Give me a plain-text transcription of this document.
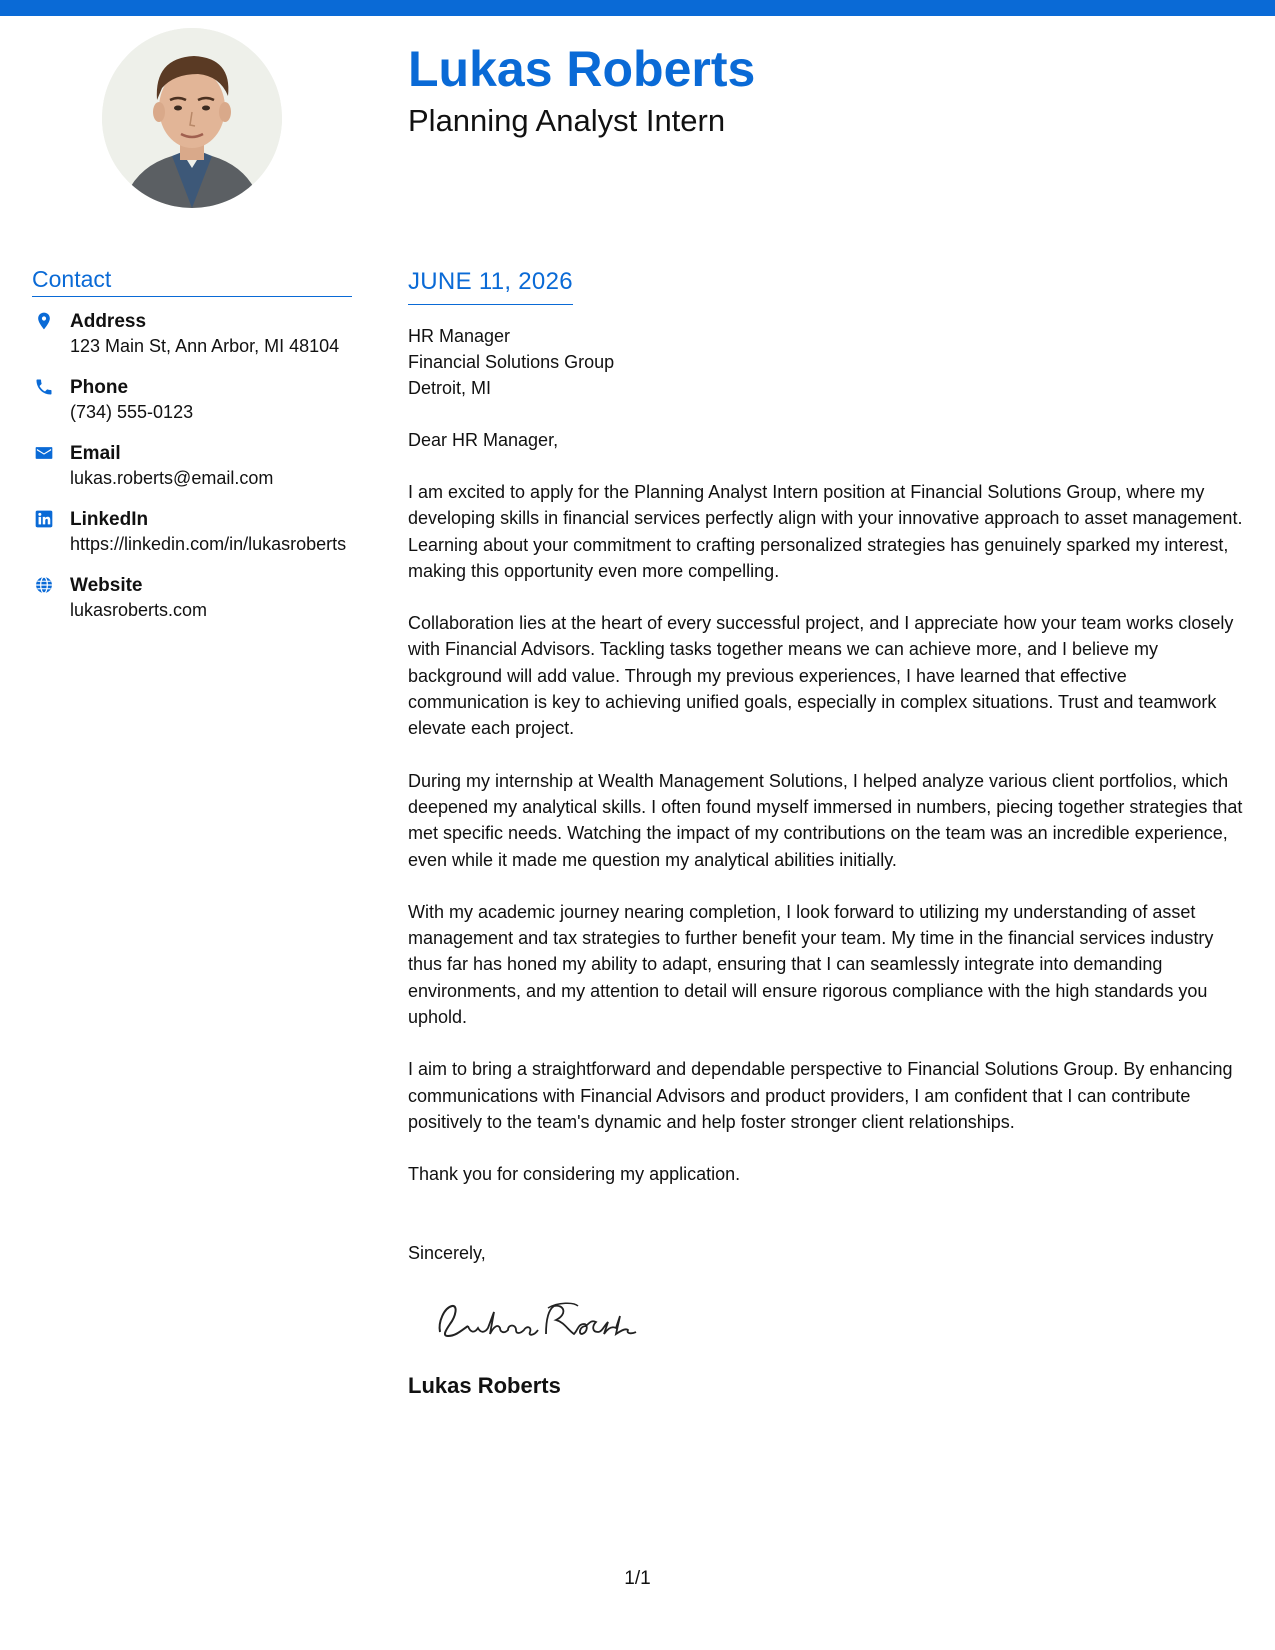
Lukas Roberts
Planning Analyst Intern
Contact
Address
123 Main St, Ann Arbor, MI 48104
Phone
(734) 555-0123
Email
lukas.roberts@email.com
LinkedIn
https://linkedin.com/in/lukasroberts
Website
lukasroberts.com
JUNE 11, 2026
HR Manager
Financial Solutions Group
Detroit, MI
Dear HR Manager,

I am excited to apply for the Planning Analyst Intern position at Financial Solutions Group, where my developing skills in financial services perfectly align with your innovative approach to asset management. Learning about your commitment to crafting personalized strategies has genuinely sparked my interest, making this opportunity even more compelling.

Collaboration lies at the heart of every successful project, and I appreciate how your team works closely with Financial Advisors. Tackling tasks together means we can achieve more, and I believe my background will add value. Through my previous experiences, I have learned that effective communication is key to achieving unified goals, especially in complex situations. Trust and teamwork elevate each project.

During my internship at Wealth Management Solutions, I helped analyze various client portfolios, which deepened my analytical skills. I often found myself immersed in numbers, piecing together strategies that met specific needs. Watching the impact of my contributions on the team was an incredible experience, even while it made me question my analytical abilities initially.

With my academic journey nearing completion, I look forward to utilizing my understanding of asset management and tax strategies to further benefit your team. My time in the financial services industry thus far has honed my ability to adapt, ensuring that I can seamlessly integrate into demanding environments, and my attention to detail will ensure rigorous compliance with the high standards you uphold.

I aim to bring a straightforward and dependable perspective to Financial Solutions Group. By enhancing communications with Financial Advisors and product providers, I am confident that I can contribute positively to the team's dynamic and help foster stronger client relationships.

Thank you for considering my application.

Sincerely,
Lukas Roberts
1/1
